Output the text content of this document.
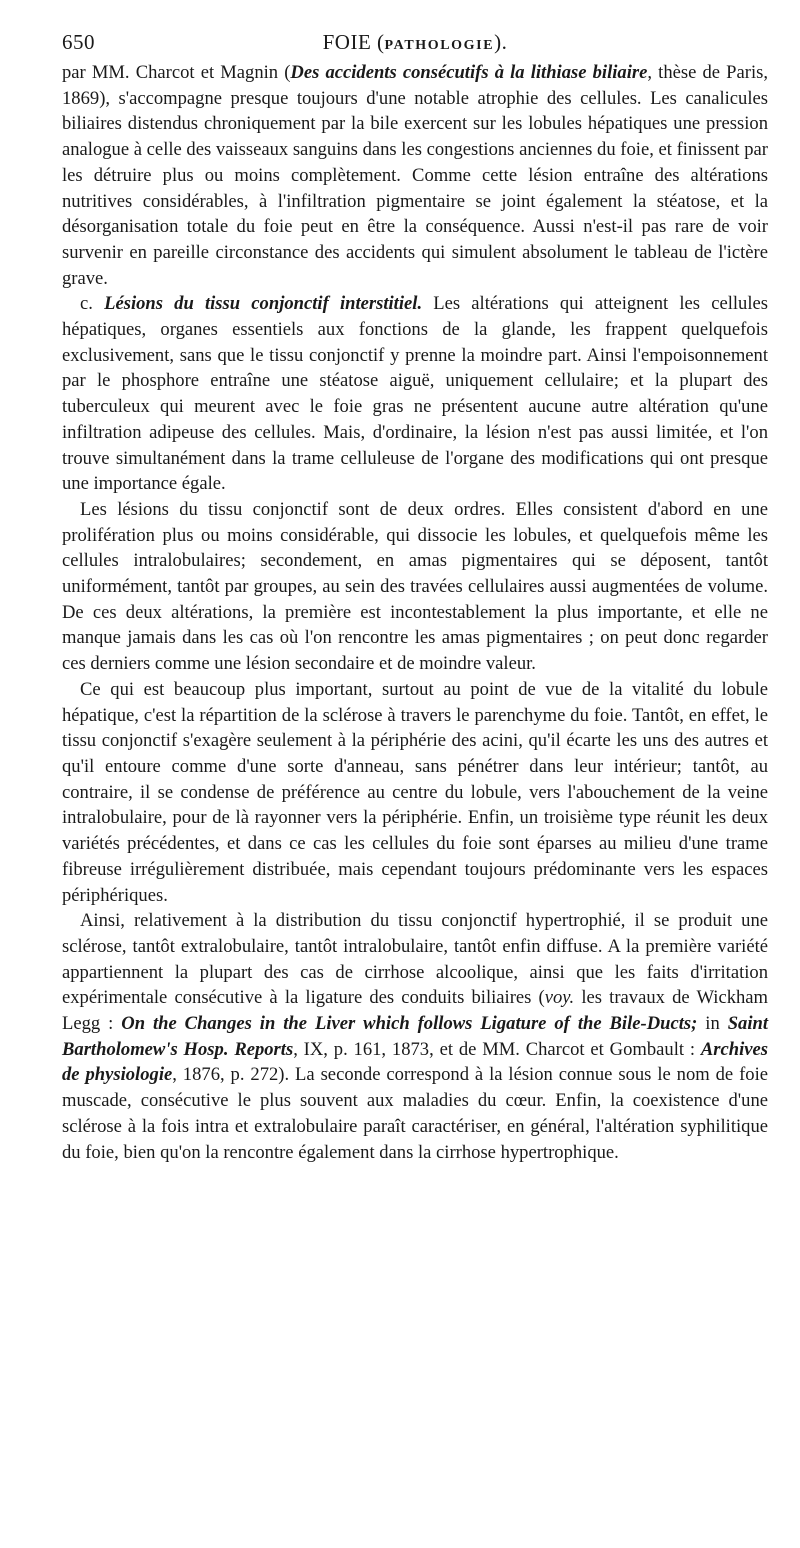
650	FOIE (PATHOLOGIE).

par MM. Charcot et Magnin (Des accidents consécutifs à la lithiase biliaire, thèse de Paris, 1869), s'accompagne presque toujours d'une notable atrophie des cellules. Les canalicules biliaires distendus chroniquement par la bile exercent sur les lobules hépatiques une pression analogue à celle des vaisseaux sanguins dans les congestions anciennes du foie, et finissent par les détruire plus ou moins complètement. Comme cette lésion entraîne des altérations nutritives considérables, à l'infiltration pigmentaire se joint également la stéatose, et la désorganisation totale du foie peut en être la conséquence. Aussi n'est-il pas rare de voir survenir en pareille circonstance des accidents qui simulent absolument le tableau de l'ictère grave.

c. Lésions du tissu conjonctif interstitiel. Les altérations qui atteignent les cellules hépatiques, organes essentiels aux fonctions de la glande, les frappent quelquefois exclusivement, sans que le tissu conjonctif y prenne la moindre part. Ainsi l'empoisonnement par le phosphore entraîne une stéatose aiguë, uniquement cellulaire; et la plupart des tuberculeux qui meurent avec le foie gras ne présentent aucune autre altération qu'une infiltration adipeuse des cellules. Mais, d'ordinaire, la lésion n'est pas aussi limitée, et l'on trouve simultanément dans la trame celluleuse de l'organe des modifications qui ont presque une importance égale.

Les lésions du tissu conjonctif sont de deux ordres. Elles consistent d'abord en une prolifération plus ou moins considérable, qui dissocie les lobules, et quelquefois même les cellules intralobulaires; secondement, en amas pigmentaires qui se déposent, tantôt uniformément, tantôt par groupes, au sein des travées cellulaires aussi augmentées de volume. De ces deux altérations, la première est incontestablement la plus importante, et elle ne manque jamais dans les cas où l'on rencontre les amas pigmentaires ; on peut donc regarder ces derniers comme une lésion secondaire et de moindre valeur.

Ce qui est beaucoup plus important, surtout au point de vue de la vitalité du lobule hépatique, c'est la répartition de la sclérose à travers le parenchyme du foie. Tantôt, en effet, le tissu conjonctif s'exagère seulement à la périphérie des acini, qu'il écarte les uns des autres et qu'il entoure comme d'une sorte d'anneau, sans pénétrer dans leur intérieur; tantôt, au contraire, il se condense de préférence au centre du lobule, vers l'abouchement de la veine intralobulaire, pour de là rayonner vers la périphérie. Enfin, un troisième type réunit les deux variétés précédentes, et dans ce cas les cellules du foie sont éparses au milieu d'une trame fibreuse irrégulièrement distribuée, mais cependant toujours prédominante vers les espaces périphériques.

Ainsi, relativement à la distribution du tissu conjonctif hypertrophié, il se produit une sclérose, tantôt extralobulaire, tantôt intralobulaire, tantôt enfin diffuse. A la première variété appartiennent la plupart des cas de cirrhose alcoolique, ainsi que les faits d'irritation expérimentale consécutive à la ligature des conduits biliaires (voy. les travaux de Wickham Legg : On the Changes in the Liver which follows Ligature of the Bile-Ducts; in Saint Bartholomew's Hosp. Reports, IX, p. 161, 1873, et de MM. Charcot et Gombault : Archives de physiologie, 1876, p. 272). La seconde correspond à la lésion connue sous le nom de foie muscade, consécutive le plus souvent aux maladies du cœur. Enfin, la coexistence d'une sclérose à la fois intra et extralobulaire paraît caractériser, en général, l'altération syphilitique du foie, bien qu'on la rencontre également dans la cirrhose hypertrophique.
